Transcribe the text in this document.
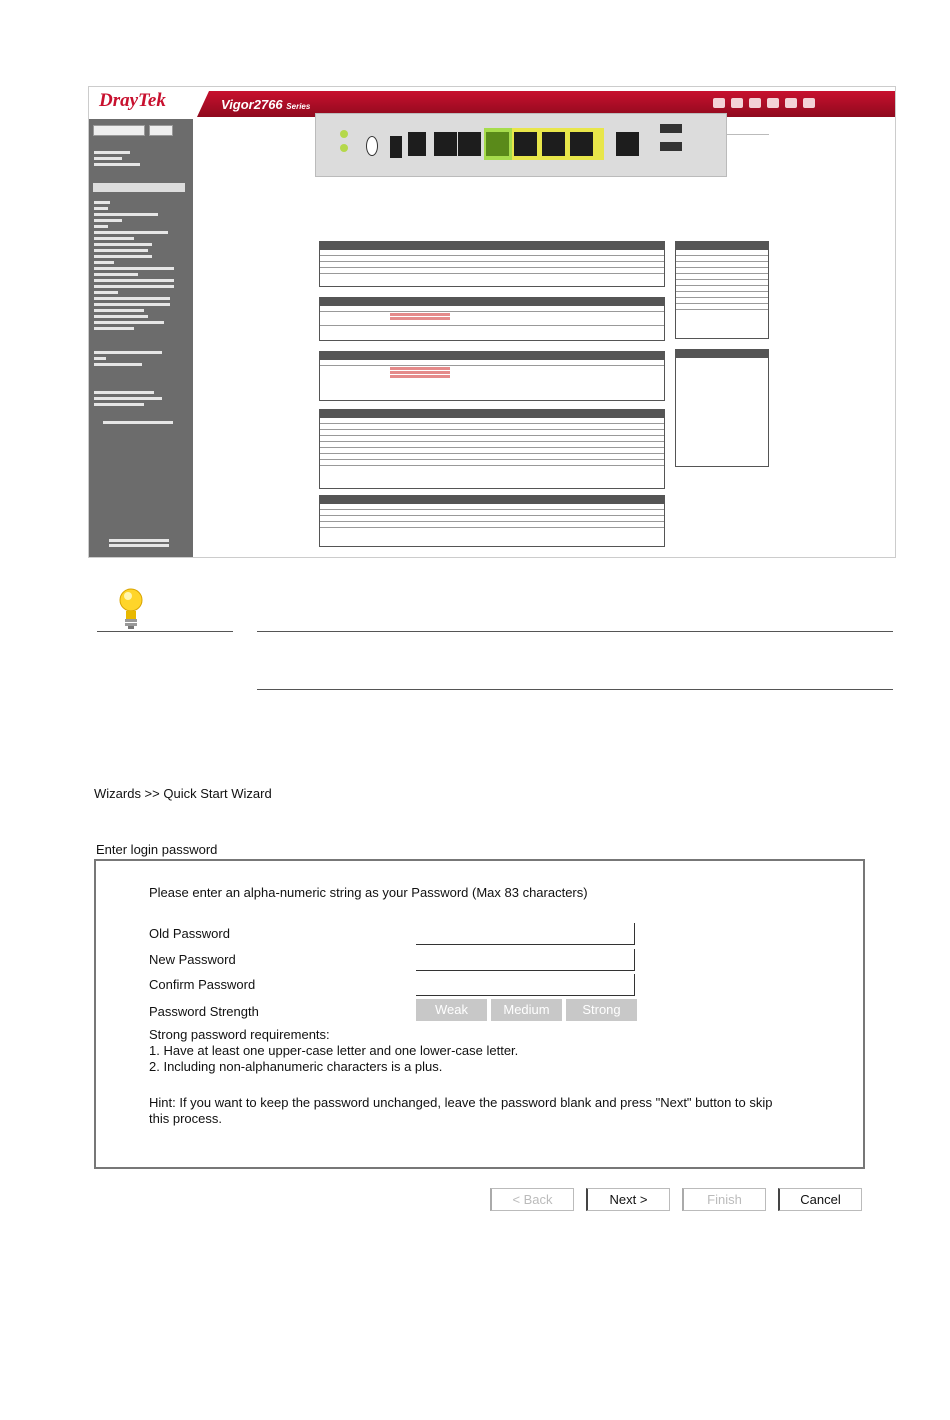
DrayTek	Vigor2766 Series
Wizards >> Quick Start Wizard
Enter login password
Please enter an alpha-numeric string as your Password (Max 83 characters)
Old Password
New Password
Confirm Password
Password Strength	Weak	Medium	Strong
Strong password requirements:
1. Have at least one upper-case letter and one lower-case letter.
2. Including non-alphanumeric characters is a plus.
Hint: If you want to keep the password unchanged, leave the password blank and press "Next" button to skip this process.
< Back	Next >	Finish	Cancel
